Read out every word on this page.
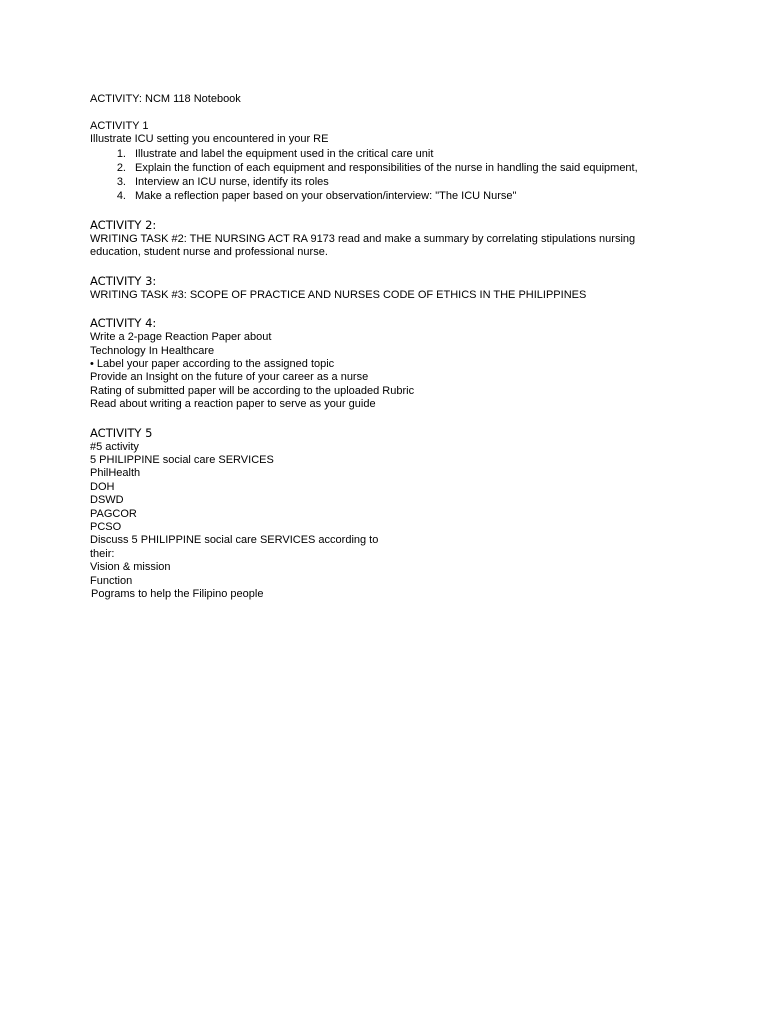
ACTIVITY: NCM 118 Notebook

ACTIVITY 1

Illustrate ICU setting you encountered in your RE

1. Illustrate and label the equipment used in the critical care unit
2. Explain the function of each equipment and responsibilities of the nurse in handling the said equipment,
3. Interview an ICU nurse, identify its roles
4. Make a reflection paper based on your observation/interview: "The ICU Nurse"

ACTIVITY 2:

WRITING TASK #2: THE NURSING ACT RA 9173 read and make a summary by correlating stipulations nursing education, student nurse and professional nurse.

ACTIVITY 3:

WRITING TASK #3: SCOPE OF PRACTICE AND NURSES CODE OF ETHICS IN THE PHILIPPINES

ACTIVITY 4:

Write a 2-page Reaction Paper about
Technology In Healthcare
• Label your paper according to the assigned topic
Provide an Insight on the future of your career as a nurse
Rating of submitted paper will be according to the uploaded Rubric
Read about writing a reaction paper to serve as your guide

ACTIVITY 5

#5 activity
5 PHILIPPINE social care SERVICES
PhilHealth
DOH
DSWD
PAGCOR
PCSO
Discuss 5 PHILIPPINE social care SERVICES according to
their:
Vision & mission
Function
Pograms to help the Filipino people
